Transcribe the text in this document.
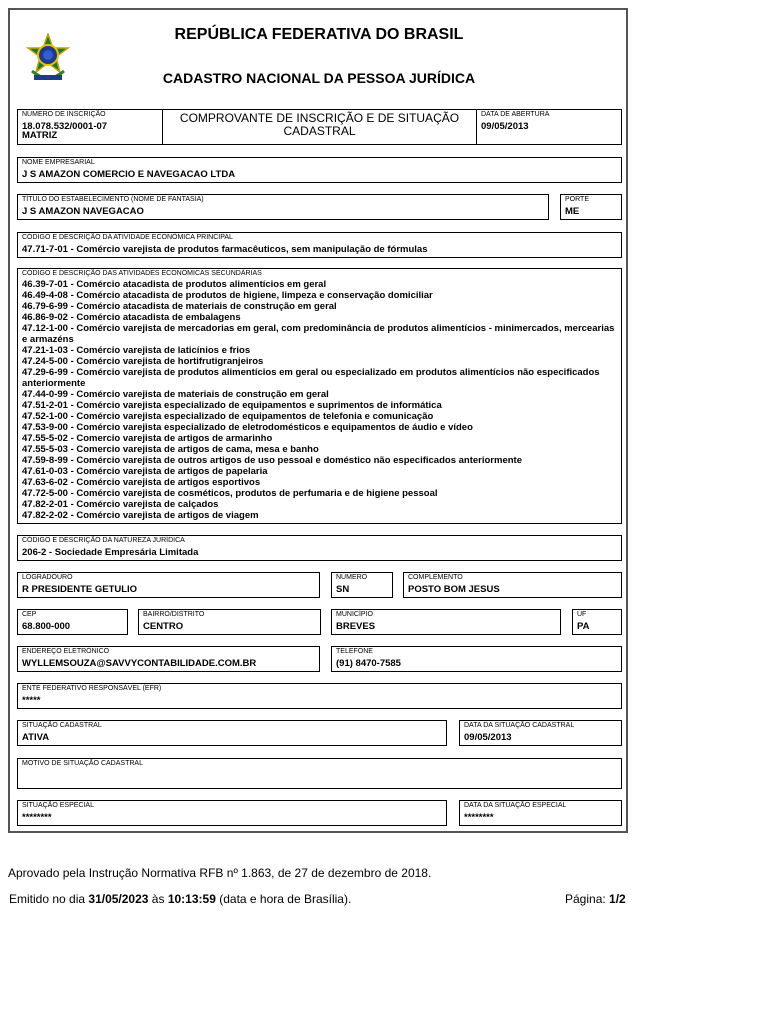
REPÚBLICA FEDERATIVA DO BRASIL
CADASTRO NACIONAL DA PESSOA JURÍDICA
NÚMERO DE INSCRIÇÃO
18.078.532/0001-07
MATRIZ
COMPROVANTE DE INSCRIÇÃO E DE SITUAÇÃO CADASTRAL
DATA DE ABERTURA
09/05/2013
NOME EMPRESARIAL
J S AMAZON COMERCIO E NAVEGACAO LTDA
TÍTULO DO ESTABELECIMENTO (NOME DE FANTASIA)
J S AMAZON NAVEGACAO
PORTE
ME
CÓDIGO E DESCRIÇÃO DA ATIVIDADE ECONÔMICA PRINCIPAL
47.71-7-01 - Comércio varejista de produtos farmacêuticos, sem manipulação de fórmulas
CÓDIGO E DESCRIÇÃO DAS ATIVIDADES ECONÔMICAS SECUNDÁRIAS
46.39-7-01 - Comércio atacadista de produtos alimentícios em geral
46.49-4-08 - Comércio atacadista de produtos de higiene, limpeza e conservação domiciliar
46.79-6-99 - Comércio atacadista de materiais de construção em geral
46.86-9-02 - Comércio atacadista de embalagens
47.12-1-00 - Comércio varejista de mercadorias em geral, com predominância de produtos alimentícios - minimercados, mercearias e armazéns
47.21-1-03 - Comércio varejista de laticínios e frios
47.24-5-00 - Comércio varejista de hortifrutigranjeiros
47.29-6-99 - Comércio varejista de produtos alimentícios em geral ou especializado em produtos alimentícios não especificados anteriormente
47.44-0-99 - Comércio varejista de materiais de construção em geral
47.51-2-01 - Comércio varejista especializado de equipamentos e suprimentos de informática
47.52-1-00 - Comércio varejista especializado de equipamentos de telefonia e comunicação
47.53-9-00 - Comércio varejista especializado de eletrodomésticos e equipamentos de áudio e vídeo
47.55-5-02 - Comercio varejista de artigos de armarinho
47.55-5-03 - Comercio varejista de artigos de cama, mesa e banho
47.59-8-99 - Comércio varejista de outros artigos de uso pessoal e doméstico não especificados anteriormente
47.61-0-03 - Comércio varejista de artigos de papelaria
47.63-6-02 - Comércio varejista de artigos esportivos
47.72-5-00 - Comércio varejista de cosméticos, produtos de perfumaria e de higiene pessoal
47.82-2-01 - Comércio varejista de calçados
47.82-2-02 - Comércio varejista de artigos de viagem
CÓDIGO E DESCRIÇÃO DA NATUREZA JURÍDICA
206-2 - Sociedade Empresária Limitada
LOGRADOURO
R PRESIDENTE GETULIO
NÚMERO
SN
COMPLEMENTO
POSTO BOM JESUS
CEP
68.800-000
BAIRRO/DISTRITO
CENTRO
MUNICÍPIO
BREVES
UF
PA
ENDEREÇO ELETRÔNICO
WYLLEMSOUZA@SAVVYCONTABILIDADE.COM.BR
TELEFONE
(91) 8470-7585
ENTE FEDERATIVO RESPONSÁVEL (EFR)
*****
SITUAÇÃO CADASTRAL
ATIVA
DATA DA SITUAÇÃO CADASTRAL
09/05/2013
MOTIVO DE SITUAÇÃO CADASTRAL
SITUAÇÃO ESPECIAL
********
DATA DA SITUAÇÃO ESPECIAL
********
Aprovado pela Instrução Normativa RFB nº 1.863, de 27 de dezembro de 2018.
Emitido no dia 31/05/2023 às 10:13:59 (data e hora de Brasília).	Página: 1/2
